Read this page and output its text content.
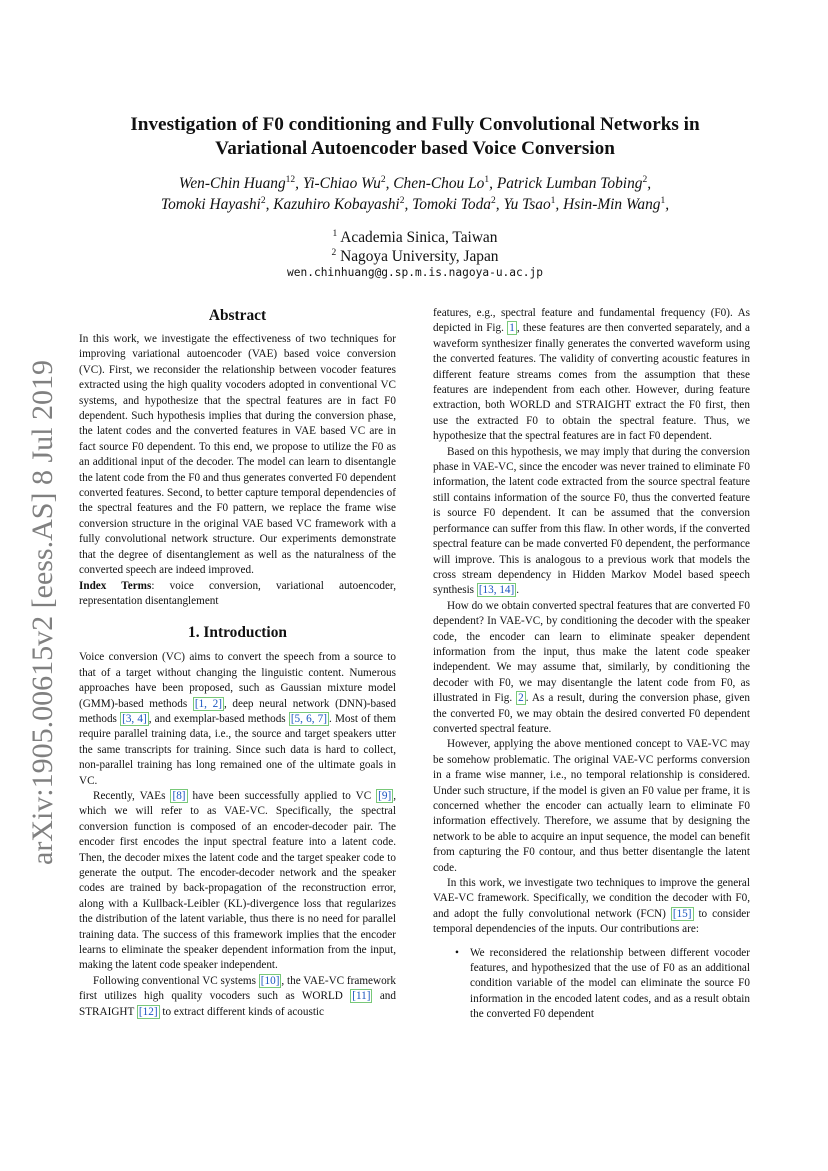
arXiv:1905.00615v2 [eess.AS] 8 Jul 2019
Investigation of F0 conditioning and Fully Convolutional Networks in
Variational Autoencoder based Voice Conversion
Wen-Chin Huang$^{12}$, Yi-Chiao Wu$^2$, Chen-Chou Lo$^1$, Patrick Lumban Tobing$^2$,
Tomoki Hayashi$^2$, Kazuhiro Kobayashi$^2$, Tomoki Toda$^2$, Yu Tsao$^1$, Hsin-Min Wang$^1$,
$^1$ Academia Sinica, Taiwan
$^2$ Nagoya University, Japan
wen.chinhuang@g.sp.m.is.nagoya-u.ac.jp
Abstract

In this work, we investigate the effectiveness of two techniques for improving variational autoencoder (VAE) based voice conversion (VC). First, we reconsider the relationship between vocoder features extracted using the high quality vocoders adopted in conventional VC systems, and hypothesize that the spectral features are in fact F0 dependent. Such hypothesis implies that during the conversion phase, the latent codes and the converted features in VAE based VC are in fact source F0 dependent. To this end, we propose to utilize the F0 as an additional input of the decoder. The model can learn to disentangle the latent code from the F0 and thus generates converted F0 dependent converted features. Second, to better capture temporal dependencies of the spectral features and the F0 pattern, we replace the frame wise conversion structure in the original VAE based VC framework with a fully convolutional network structure. Our experiments demonstrate that the degree of disentanglement as well as the naturalness of the converted speech are indeed improved.

Index Terms: voice conversion, variational autoencoder, representation disentanglement

1. Introduction

Voice conversion (VC) aims to convert the speech from a source to that of a target without changing the linguistic content. Numerous approaches have been proposed, such as Gaussian mixture model (GMM)-based methods [1, 2] , deep neural network (DNN)-based methods [3, 4] , and exemplar-based methods [5, 6, 7] . Most of them require parallel training data, i.e., the source and target speakers utter the same transcripts for training. Since such data is hard to collect, non-parallel training has long remained one of the ultimate goals in VC.

Recently, VAEs [8] have been successfully applied to VC [9] , which we will refer to as VAE-VC. Specifically, the spectral conversion function is composed of an encoder-decoder pair. The encoder first encodes the input spectral feature into a latent code. Then, the decoder mixes the latent code and the target speaker code to generate the output. The encoder-decoder network and the speaker codes are trained by back-propagation of the reconstruction error, along with a Kullback-Leibler (KL)-divergence loss that regularizes the distribution of the latent variable, thus there is no need for parallel training data. The success of this framework implies that the encoder learns to eliminate the speaker dependent information from the input, making the latent code speaker independent.

Following conventional VC systems [10] , the VAE-VC framework first utilizes high quality vocoders such as WORLD [11] and STRAIGHT [12] to extract different kinds of acoustic

features, e.g., spectral feature and fundamental frequency (F0). As depicted in Fig. 1 , these features are then converted separately, and a waveform synthesizer finally generates the converted waveform using the converted features. The validity of converting acoustic features in different feature streams comes from the assumption that these features are independent from each other. However, during feature extraction, both WORLD and STRAIGHT extract the F0 first, then use the extracted F0 to obtain the spectral feature. Thus, we hypothesize that the spectral features are in fact F0 dependent.

Based on this hypothesis, we may imply that during the conversion phase in VAE-VC, since the encoder was never trained to eliminate F0 information, the latent code extracted from the source spectral feature still contains information of the source F0, thus the converted feature is source F0 dependent. It can be assumed that the conversion performance can suffer from this flaw. In other words, if the converted spectral feature can be made converted F0 dependent, the performance will improve. This is analogous to a previous work that models the cross stream dependency in Hidden Markov Model based speech synthesis [13, 14] .

How do we obtain converted spectral features that are converted F0 dependent? In VAE-VC, by conditioning the decoder with the speaker code, the encoder can learn to eliminate speaker dependent information from the input, thus make the latent code speaker independent. We may assume that, similarly, by conditioning the decoder with F0, we may disentangle the latent code from F0, as illustrated in Fig. 2 . As a result, during the conversion phase, given the converted F0, we may obtain the desired converted F0 dependent converted spectral feature.

However, applying the above mentioned concept to VAE-VC may be somehow problematic. The original VAE-VC performs conversion in a frame wise manner, i.e., no temporal relationship is considered. Under such structure, if the model is given an F0 value per frame, it is concerned whether the encoder can actually learn to eliminate F0 information effectively. Therefore, we assume that by designing the network to be able to acquire an input sequence, the model can benefit from capturing the F0 contour, and thus better disentangle the latent code.

In this work, we investigate two techniques to improve the general VAE-VC framework. Specifically, we condition the decoder with F0, and adopt the fully convolutional network (FCN) [15] to consider temporal dependencies of the inputs. Our contributions are:

• We reconsidered the relationship between different vocoder features, and hypothesized that the use of F0 as an additional condition variable of the model can eliminate the source F0 information in the encoded latent codes, and as a result obtain the converted F0 dependent
